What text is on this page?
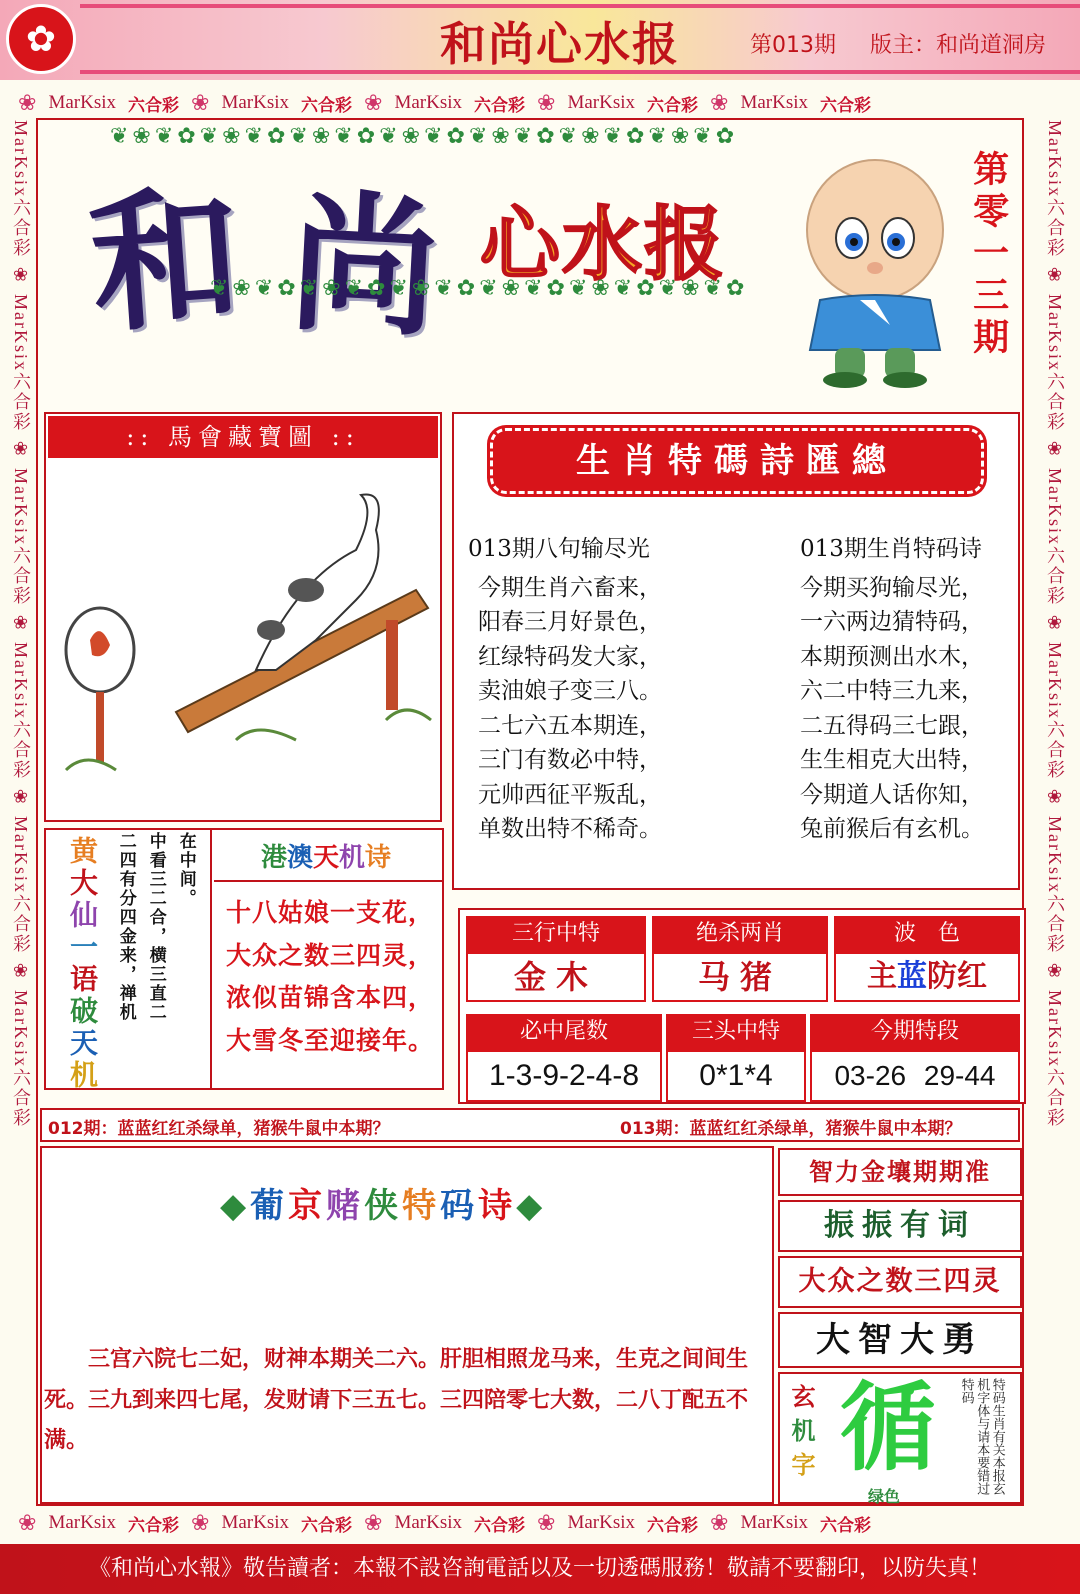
✿	和尚心水报	第013期 版主：和尚道洞房
❀ MarKsix 六合彩 ❀ MarKsix 六合彩 ❀ MarKsix 六合彩 ❀ MarKsix 六合彩 ❀ MarKsix 六合彩
MarKsix六合彩 ❀ MarKsix六合彩 ❀ MarKsix六合彩 ❀ MarKsix六合彩 ❀ MarKsix六合彩 ❀ MarKsix六合彩
MarKsix六合彩 ❀ MarKsix六合彩 ❀ MarKsix六合彩 ❀ MarKsix六合彩 ❀ MarKsix六合彩 ❀ MarKsix六合彩
❦❀❦✿❦❀❦✿❦❀❦✿❦❀❦✿❦❀❦✿❦❀❦✿❦❀❦✿
和 尚 心水报
❦❀❦✿❦❀❦✿❦❀❦✿❦❀❦✿❦❀❦✿❦❀❦✿	第零一三期
:: 馬會藏寶圖 ::
生肖特碼詩匯總
013期八句输尽光
今期生肖六畜来，
阳春三月好景色，
红绿特码发大家，
卖油娘子变三八。
二七六五本期连，
三门有数必中特，
元帅西征平叛乱，
单数出特不稀奇。
013期生肖特码诗
今期买狗输尽光，
一六两边猜特码，
本期预测出水木，
六二中特三九来，
二五得码三七跟，
生生相克大出特，
今期道人话你知，
兔前猴后有玄机。
黄大仙一语破天机
在中间。
中看三二合，横三直二
二四有分四金来，禅机	港澳天机诗
十八姑娘一支花，
大众之数三四灵，
浓似苗锦含本四，
大雪冬至迎接年。
三行中特	绝杀两肖	波　色
金木	马猪	主蓝防红
必中尾数	三头中特	今期特段
1-3-9-2-4-8	0*1*4	03-26 29-44
012期：蓝蓝红红杀绿单，猪猴牛鼠中本期？	013期：蓝蓝红红杀绿单，猪猴牛鼠中本期？
◆葡京赌侠特码诗◆
三宫六院七二妃，财神本期关二六。肝胆相照龙马来，生克之间间生死。三九到来四七尾，发财请下三五七。三四陪零七大数，二八丁配五不满。
智力金壤期期准
振振有词
大众之数三四灵
大智大勇
玄机字 循
绿色
特码生肖有关本报玄机字体与请本要错过特码
❀ MarKsix 六合彩 ❀ MarKsix 六合彩 ❀ MarKsix 六合彩 ❀ MarKsix 六合彩 ❀ MarKsix 六合彩
《和尚心水報》敬告讀者：本報不設咨詢電話以及一切透碼服務！敬請不要翻印，以防失真！
